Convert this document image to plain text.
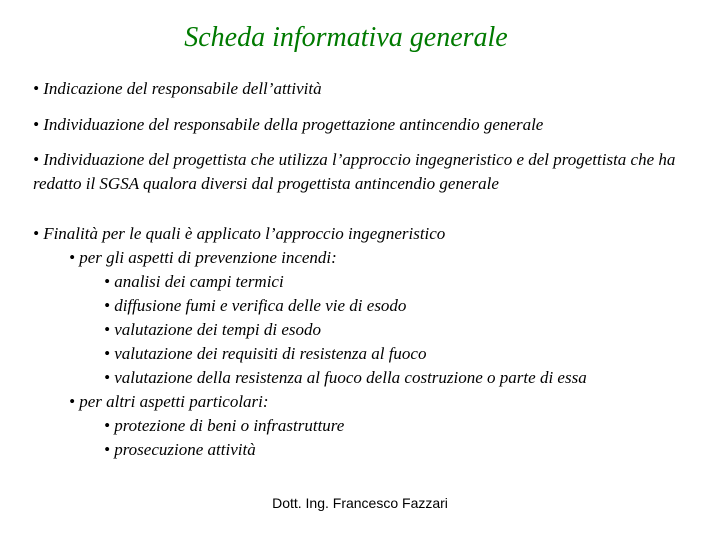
Scheda informativa generale
• Indicazione del responsabile dell’attività
• Individuazione del responsabile della progettazione antincendio generale
• Individuazione del progettista che utilizza l’approccio ingegneristico e del progettista che ha redatto il SGSA qualora diversi dal progettista antincendio generale
• Finalità per le quali è applicato l’approccio ingegneristico
• per gli aspetti di prevenzione incendi:
• analisi dei campi termici
• diffusione fumi e verifica delle vie di esodo
• valutazione dei tempi di esodo
• valutazione dei requisiti di resistenza al fuoco
• valutazione della resistenza al fuoco della costruzione o parte di essa
• per altri aspetti particolari:
• protezione di beni o infrastrutture
• prosecuzione attività
Dott. Ing. Francesco Fazzari
